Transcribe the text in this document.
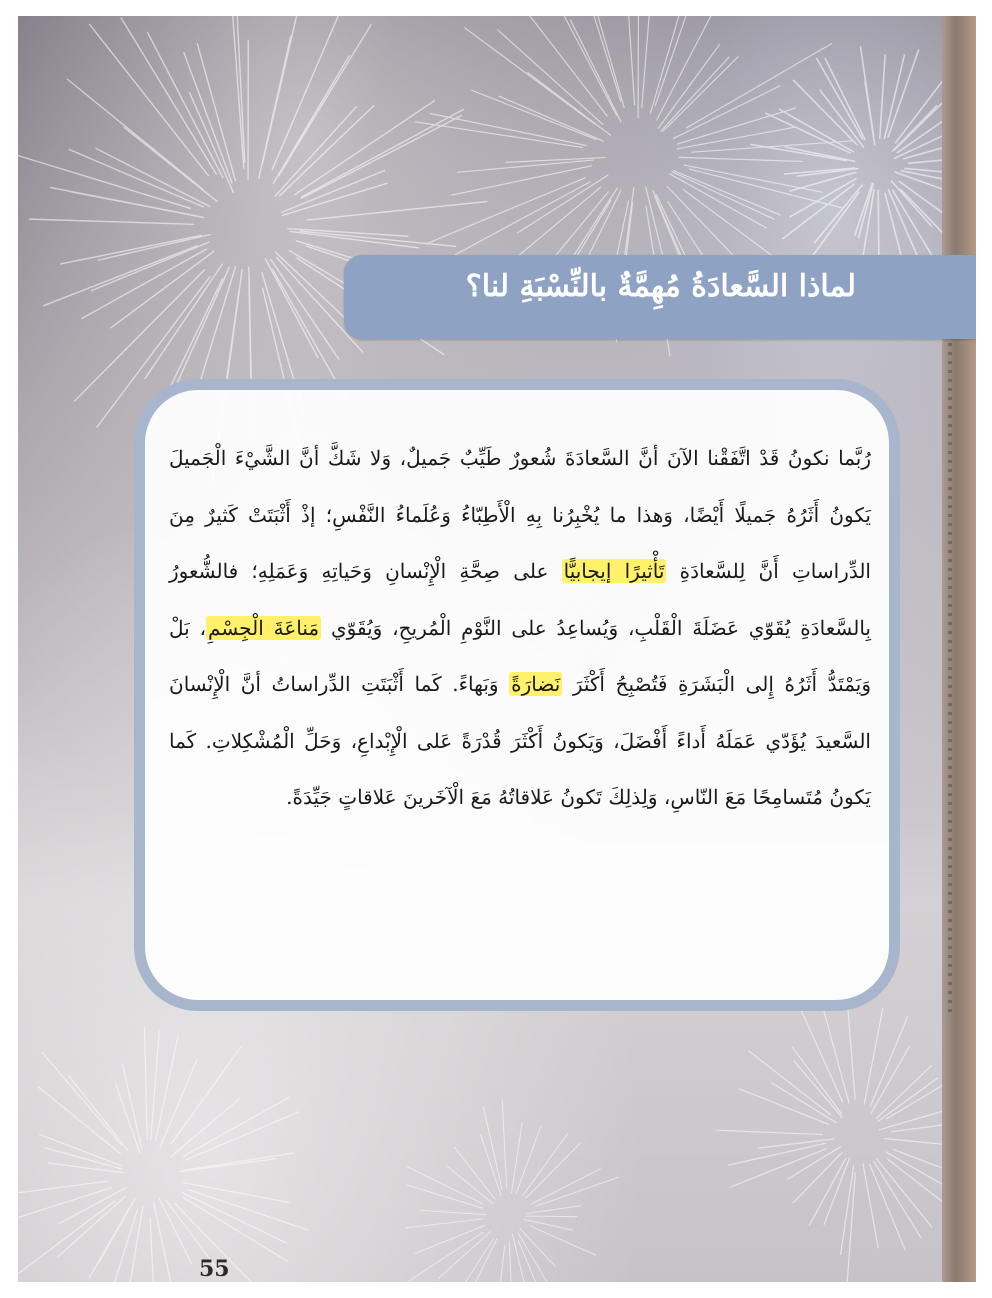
لماذا السَّعادَةُ مُهِمَّةٌ بالنِّسْبَةِ لنا؟
رُبَّما نكونُ قَدْ اتَّفَقْنا الآنَ أنَّ السَّعادَةَ شُعورٌ طَيِّبٌ جَميلٌ، وَلا شَكَّ أنَّ الشَّيْءَ الْجَميلَ يَكونُ أَثَرُهُ جَميلًا أَيْضًا، وَهذا ما يُخْبِرُنا بِهِ الْأَطِبّاءُ وَعُلَماءُ النَّفْسِ؛ إذْ أَثْبَتَتْ كَثيرٌ مِنَ الدِّراساتِ أَنَّ لِلسَّعادَةِ تَأْثيرًا إيجابيًّا على صِحَّةِ الْإِنْسانِ وَحَياتِهِ وَعَمَلِهِ؛ فالشُّعورُ بِالسَّعادَةِ يُقَوّي عَضَلَةَ الْقَلْبِ، وَيُساعِدُ على النَّوْمِ الْمُريحِ، وَيُقَوّي مَناعَةَ الْجِسْمِ، بَلْ وَيَمْتَدُّ أَثَرُهُ إِلى الْبَشَرَةِ فَتُصْبِحُ أَكْثَرَ نَضارَةً وَبَهاءً. كَما أَثْبَتَتِ الدِّراساتُ أنَّ الْإِنْسانَ السَّعيدَ يُؤَدّي عَمَلَهُ أَداءً أَفْضَلَ، وَيَكونُ أَكْثَرَ قُدْرَةً عَلى الْإِبْداعِ، وَحَلِّ الْمُشْكِلاتِ. كَما يَكونُ مُتَسامِحًا مَعَ النّاسِ، وَلِذلِكَ تَكونُ عَلاقاتُهُ مَعَ الْآخَرينَ عَلاقاتٍ جَيِّدَةً.
55
